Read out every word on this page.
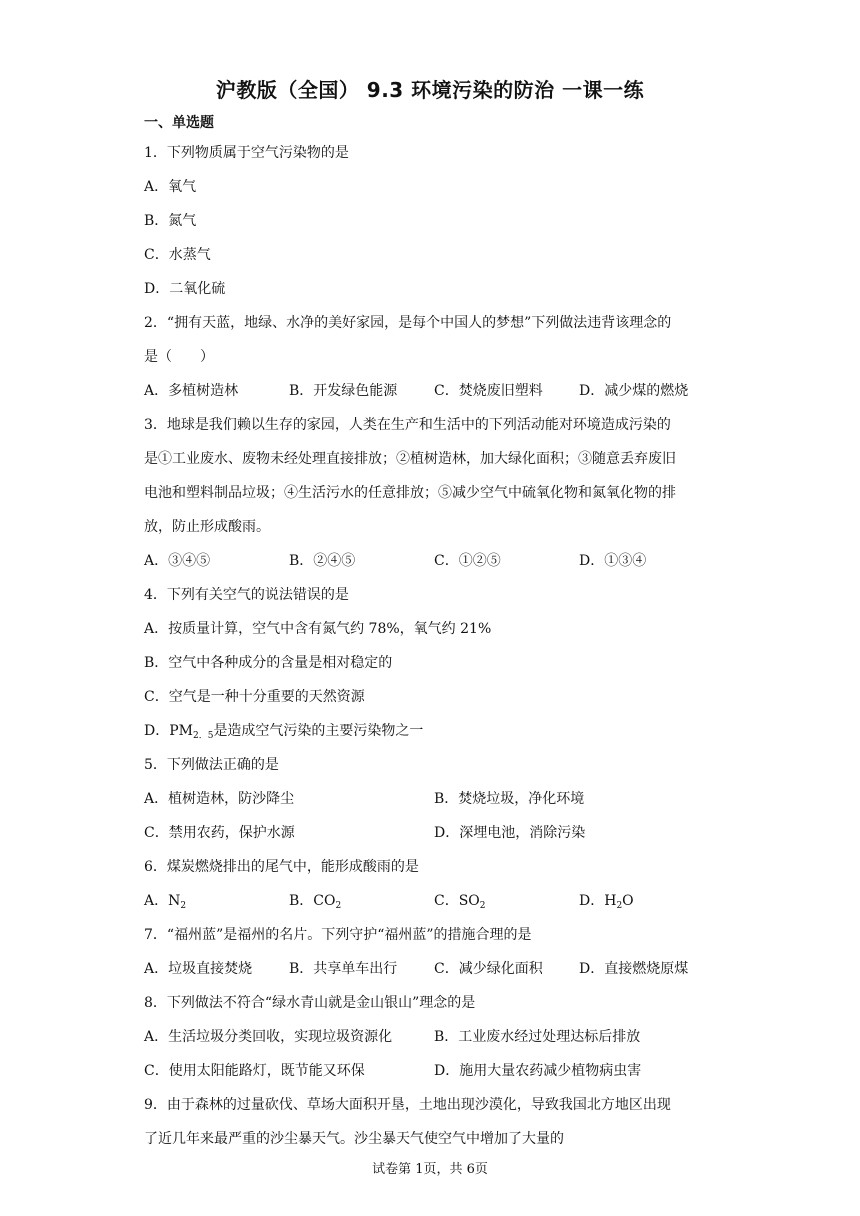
沪教版（全国） 9.3 环境污染的防治 一课一练
一、单选题
1．下列物质属于空气污染物的是
A．氧气
B．氮气
C．水蒸气
D．二氧化硫
2．“拥有天蓝，地绿、水净的美好家园，是每个中国人的梦想”下列做法违背该理念的
是（　　）
A．多植树造林	B．开发绿色能源	C．焚烧废旧塑料	D．减少煤的燃烧
3．地球是我们赖以生存的家园，人类在生产和生活中的下列活动能对环境造成污染的
是①工业废水、废物未经处理直接排放；②植树造林，加大绿化面积；③随意丢弃废旧
电池和塑料制品垃圾；④生活污水的任意排放；⑤减少空气中硫氧化物和氮氧化物的排
放，防止形成酸雨。
A．③④⑤	B．②④⑤	C．①②⑤	D．①③④
4．下列有关空气的说法错误的是
A．按质量计算，空气中含有氮气约 78%，氧气约 21%
B．空气中各种成分的含量是相对稳定的
C．空气是一种十分重要的天然资源
D．$PM_{2.5}$是造成空气污染的主要污染物之一
5．下列做法正确的是
A．植树造林，防沙降尘	B．焚烧垃圾，净化环境
C．禁用农药，保护水源	D．深埋电池，消除污染
6．煤炭燃烧排出的尾气中，能形成酸雨的是
A．$N_2$	B．$CO_2$	C．$SO_2$	D．$H_2O$
7．“福州蓝”是福州的名片。下列守护“福州蓝”的措施合理的是
A．垃圾直接焚烧	B．共享单车出行	C．减少绿化面积	D．直接燃烧原煤
8．下列做法不符合“绿水青山就是金山银山”理念的是
A．生活垃圾分类回收，实现垃圾资源化	B．工业废水经过处理达标后排放
C．使用太阳能路灯，既节能又环保	D．施用大量农药减少植物病虫害
9．由于森林的过量砍伐、草场大面积开垦，土地出现沙漠化，导致我国北方地区出现
了近几年来最严重的沙尘暴天气。沙尘暴天气使空气中增加了大量的
试卷第 1页，共 6页
